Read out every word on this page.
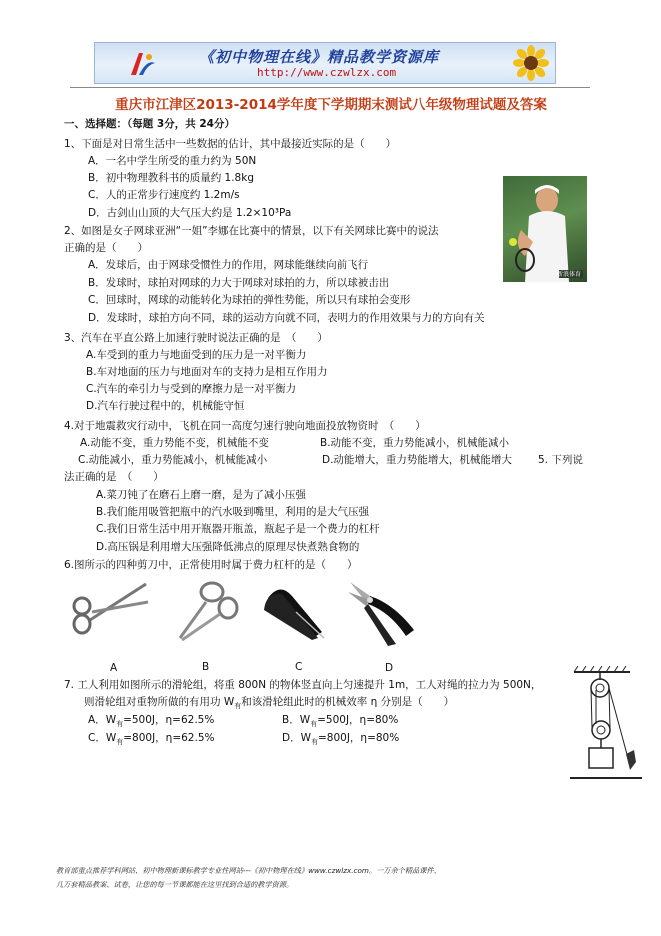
《初中物理在线》精品教学资源库
http://www.czwlzx.com
重庆市江津区2013-2014学年度下学期期末测试八年级物理试题及答案
一、选择题：（每题 3分，共 24分）
1、下面是对日常生活中一些数据的估计，其中最接近实际的是（　　）
A．一名中学生所受的重力约为 50N
B．初中物理教科书的质量约 1.8kg
C．人的正常步行速度约 1.2m/s
D．古剑山山顶的大气压大约是 1.2×10³Pa
新浪体育
2、如图是女子网球亚洲“一姐”李娜在比赛中的情景，以下有关网球比赛中的说法
正确的是（　　）
A．发球后，由于网球受惯性力的作用，网球能继续向前飞行
B．发球时，球拍对网球的力大于网球对球拍的力，所以球被击出
C．回球时，网球的动能转化为球拍的弹性势能，所以只有球拍会变形
D．发球时，球拍方向不同，球的运动方向就不同，表明力的作用效果与力的方向有关
3、汽车在平直公路上加速行驶时说法正确的是　（　　）
A.车受到的重力与地面受到的压力是一对平衡力
B.车对地面的压力与地面对车的支持力是相互作用力
C.汽车的牵引力与受到的摩擦力是一对平衡力
D.汽车行驶过程中的，机械能守恒
4.对于地震救灾行动中，飞机在同一高度匀速行驶向地面投放物资时　（　　）
A.动能不变，重力势能不变，机械能不变	B.动能不变，重力势能减小，机械能减小
C.动能减小，重力势能减小，机械能减小	D.动能增大，重力势能增大，机械能增大 5. 下列说
法正确的是　（　　）
A.菜刀钝了在磨石上磨一磨，是为了减小压强
B.我们能用吸管把瓶中的汽水吸到嘴里，利用的是大气压强
C.我们日常生活中用开瓶器开瓶盖，瓶起子是一个费力的杠杆
D.高压锅是利用增大压强降低沸点的原理尽快煮熟食物的
6.图所示的四种剪刀中，正常使用时属于费力杠杆的是（　　）
A	B	C	D
7. 工人利用如图所示的滑轮组，将重 800N 的物体竖直向上匀速提升 1m，工人对绳的拉力为 500N，
则滑轮组对重物所做的有用功 $W_有$和该滑轮组此时的机械效率 η 分别是（　　）
A．$W_有=500J$，η=62.5%	B．$W_有=500J$，η=80%
C．$W_有=800J$，η=62.5%	D．$W_有=800J$，η=80%
教育部重点推荐学科网站、初中物理新课标教学专业性网站---《初中物理在线》www.czwlzx.com。一万余个精品课件、
几万套精品教案、试卷，让您的每一节课都能在这里找到合适的教学资源。
